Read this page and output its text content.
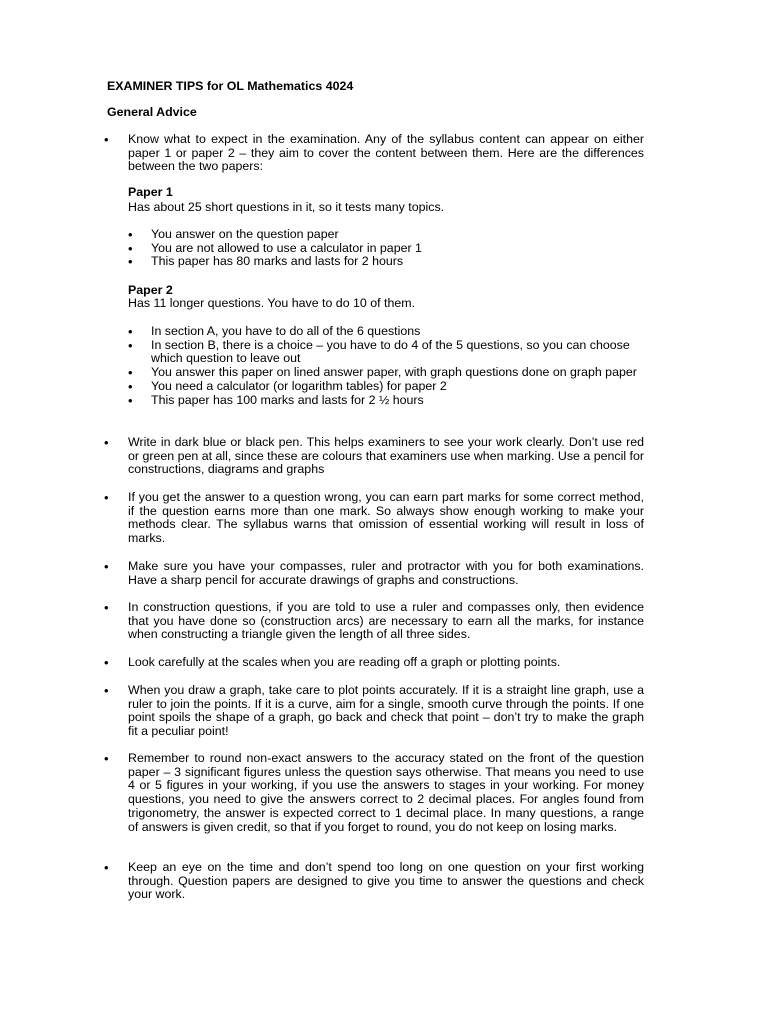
EXAMINER TIPS for OL Mathematics 4024
General Advice
• Know what to expect in the examination. Any of the syllabus content can appear on either paper 1 or paper 2 – they aim to cover the content between them. Here are the differences between the two papers:
Paper 1
Has about 25 short questions in it, so it tests many topics.
• You answer on the question paper
• You are not allowed to use a calculator in paper 1
• This paper has 80 marks and lasts for 2 hours
Paper 2
Has 11 longer questions. You have to do 10 of them.
• In section A, you have to do all of the 6 questions
• In section B, there is a choice – you have to do 4 of the 5 questions, so you can choose which question to leave out
• You answer this paper on lined answer paper, with graph questions done on graph paper
• You need a calculator (or logarithm tables) for paper 2
• This paper has 100 marks and lasts for 2 ½ hours
• Write in dark blue or black pen. This helps examiners to see your work clearly. Don’t use red or green pen at all, since these are colours that examiners use when marking. Use a pencil for constructions, diagrams and graphs
• If you get the answer to a question wrong, you can earn part marks for some correct method, if the question earns more than one mark. So always show enough working to make your methods clear. The syllabus warns that omission of essential working will result in loss of marks.
• Make sure you have your compasses, ruler and protractor with you for both examinations. Have a sharp pencil for accurate drawings of graphs and constructions.
• In construction questions, if you are told to use a ruler and compasses only, then evidence that you have done so (construction arcs) are necessary to earn all the marks, for instance when constructing a triangle given the length of all three sides.
• Look carefully at the scales when you are reading off a graph or plotting points.
• When you draw a graph, take care to plot points accurately. If it is a straight line graph, use a ruler to join the points. If it is a curve, aim for a single, smooth curve through the points. If one point spoils the shape of a graph, go back and check that point – don’t try to make the graph fit a peculiar point!
• Remember to round non-exact answers to the accuracy stated on the front of the question paper – 3 significant figures unless the question says otherwise. That means you need to use 4 or 5 figures in your working, if you use the answers to stages in your working. For money questions, you need to give the answers correct to 2 decimal places. For angles found from trigonometry, the answer is expected correct to 1 decimal place. In many questions, a range of answers is given credit, so that if you forget to round, you do not keep on losing marks.
• Keep an eye on the time and don’t spend too long on one question on your first working through. Question papers are designed to give you time to answer the questions and check your work.
